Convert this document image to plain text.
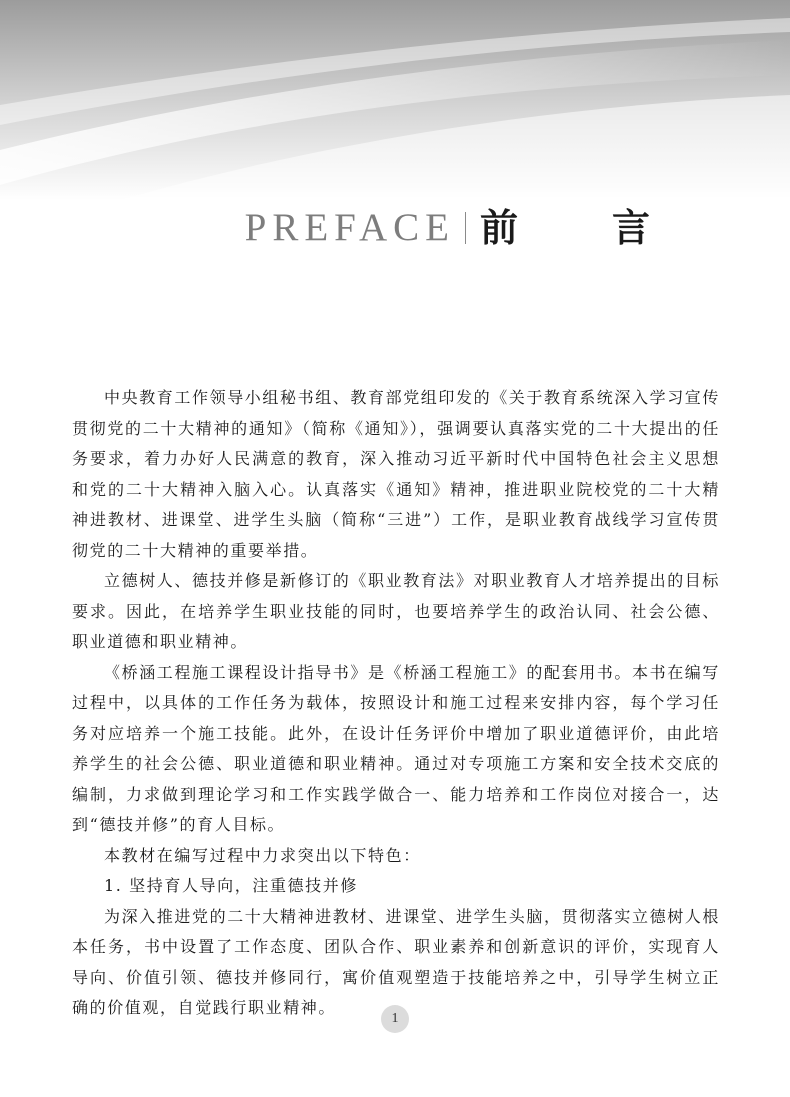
PREFACE 前　言

中央教育工作领导小组秘书组、教育部党组印发的《关于教育系统深入学习宣传贯彻党的二十大精神的通知》（简称《通知》），强调要认真落实党的二十大提出的任务要求，着力办好人民满意的教育，深入推动习近平新时代中国特色社会主义思想和党的二十大精神入脑入心。认真落实《通知》精神，推进职业院校党的二十大精神进教材、进课堂、进学生头脑（简称“三进”）工作，是职业教育战线学习宣传贯彻党的二十大精神的重要举措。

立德树人、德技并修是新修订的《职业教育法》对职业教育人才培养提出的目标要求。因此，在培养学生职业技能的同时，也要培养学生的政治认同、社会公德、职业道德和职业精神。

《桥涵工程施工课程设计指导书》是《桥涵工程施工》的配套用书。本书在编写过程中，以具体的工作任务为载体，按照设计和施工过程来安排内容，每个学习任务对应培养一个施工技能。此外，在设计任务评价中增加了职业道德评价，由此培养学生的社会公德、职业道德和职业精神。通过对专项施工方案和安全技术交底的编制，力求做到理论学习和工作实践学做合一、能力培养和工作岗位对接合一，达到“德技并修”的育人目标。

本教材在编写过程中力求突出以下特色：

1. 坚持育人导向，注重德技并修

为深入推进党的二十大精神进教材、进课堂、进学生头脑，贯彻落实立德树人根本任务，书中设置了工作态度、团队合作、职业素养和创新意识的评价，实现育人导向、价值引领、德技并修同行，寓价值观塑造于技能培养之中，引导学生树立正确的价值观，自觉践行职业精神。

1
